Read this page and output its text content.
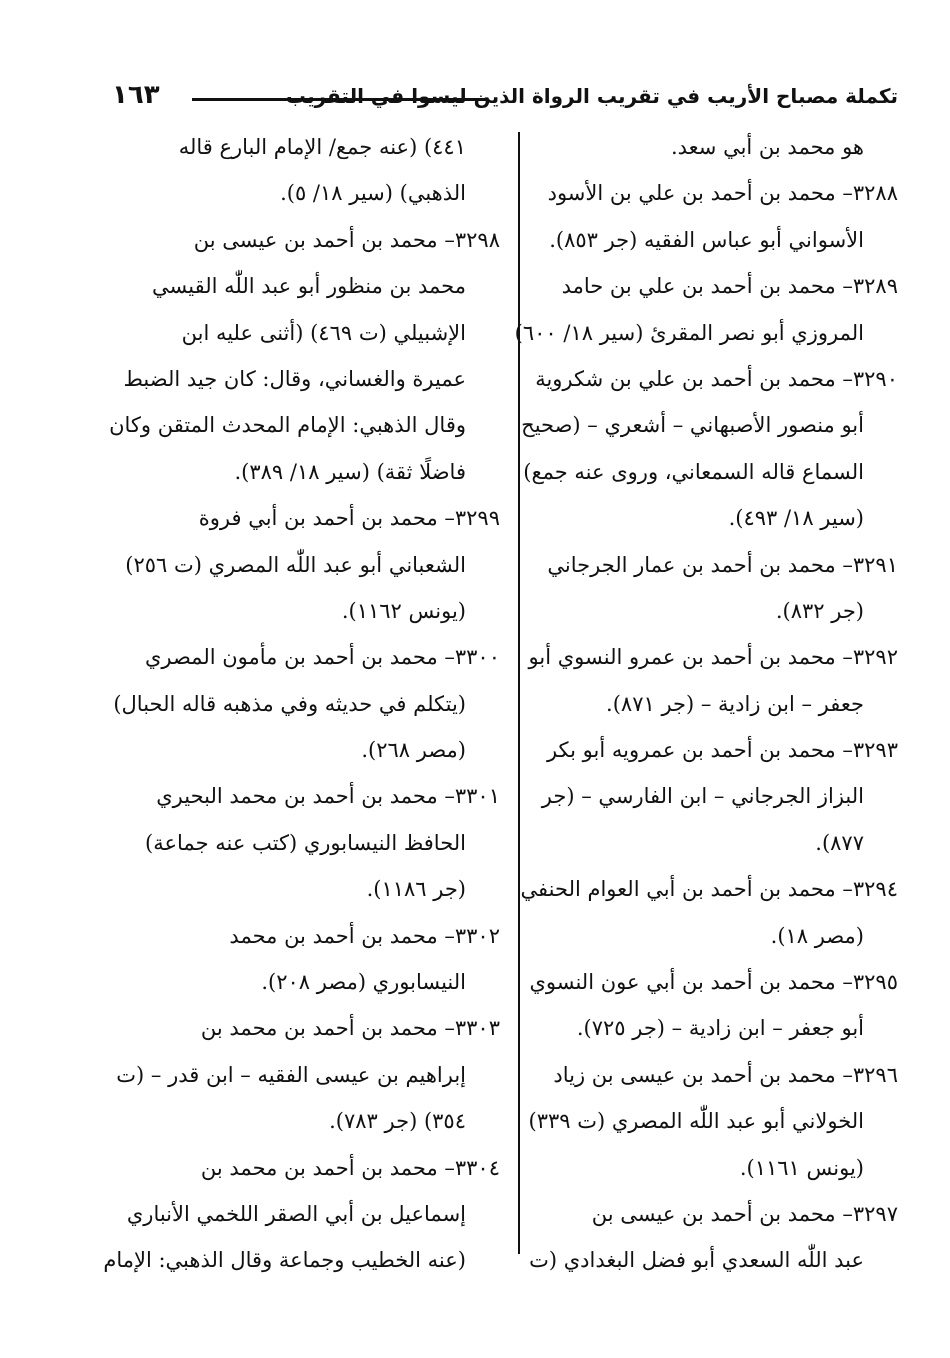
تكملة مصباح الأريب في تقريب الرواة الذين ليسوا في التقريب
١٦٣
هو محمد بن أبي سعد.
٣٢٨٨– محمد بن أحمد بن علي بن الأسود
الأسواني أبو عباس الفقيه (جر ٨٥٣).
٣٢٨٩– محمد بن أحمد بن علي بن حامد
المروزي أبو نصر المقرئ (سير ١٨/ ٦٠٠)
٣٢٩٠– محمد بن أحمد بن علي بن شكروية
أبو منصور الأصبهاني – أشعري – (صحيح
السماع قاله السمعاني، وروى عنه جمع)
(سير ١٨/ ٤٩٣).
٣٢٩١– محمد بن أحمد بن عمار الجرجاني
(جر ٨٣٢).
٣٢٩٢– محمد بن أحمد بن عمرو النسوي أبو
جعفر – ابن زادية – (جر ٨٧١).
٣٢٩٣– محمد بن أحمد بن عمرويه أبو بكر
البزاز الجرجاني – ابن الفارسي – (جر
٨٧٧).
٣٢٩٤– محمد بن أحمد بن أبي العوام الحنفي
(مصر ١٨).
٣٢٩٥– محمد بن أحمد بن أبي عون النسوي
أبو جعفر – ابن زادية – (جر ٧٢٥).
٣٢٩٦– محمد بن أحمد بن عيسى بن زياد
الخولاني أبو عبد اللّٰه المصري (ت ٣٣٩)
(يونس ١١٦١).
٣٢٩٧– محمد بن أحمد بن عيسى بن
عبد اللّٰه السعدي أبو فضل البغدادي (ت
٤٤١) (عنه جمع/ الإمام البارع قاله
الذهبي) (سير ١٨/ ٥).
٣٢٩٨– محمد بن أحمد بن عيسى بن
محمد بن منظور أبو عبد اللّٰه القيسي
الإشبيلي (ت ٤٦٩) (أثنى عليه ابن
عميرة والغساني، وقال: كان جيد الضبط
وقال الذهبي: الإمام المحدث المتقن وكان
فاضلًا ثقة) (سير ١٨/ ٣٨٩).
٣٢٩٩– محمد بن أحمد بن أبي فروة
الشعباني أبو عبد اللّٰه المصري (ت ٢٥٦)
(يونس ١١٦٢).
٣٣٠٠– محمد بن أحمد بن مأمون المصري
(يتكلم في حديثه وفي مذهبه قاله الحبال)
(مصر ٢٦٨).
٣٣٠١– محمد بن أحمد بن محمد البحيري
الحافظ النيسابوري (كتب عنه جماعة)
(جر ١١٨٦).
٣٣٠٢– محمد بن أحمد بن محمد
النيسابوري (مصر ٢٠٨).
٣٣٠٣– محمد بن أحمد بن محمد بن
إبراهيم بن عيسى الفقيه – ابن قدر – (ت
٣٥٤) (جر ٧٨٣).
٣٣٠٤– محمد بن أحمد بن محمد بن
إسماعيل بن أبي الصقر اللخمي الأنباري
(عنه الخطيب وجماعة وقال الذهبي: الإمام
